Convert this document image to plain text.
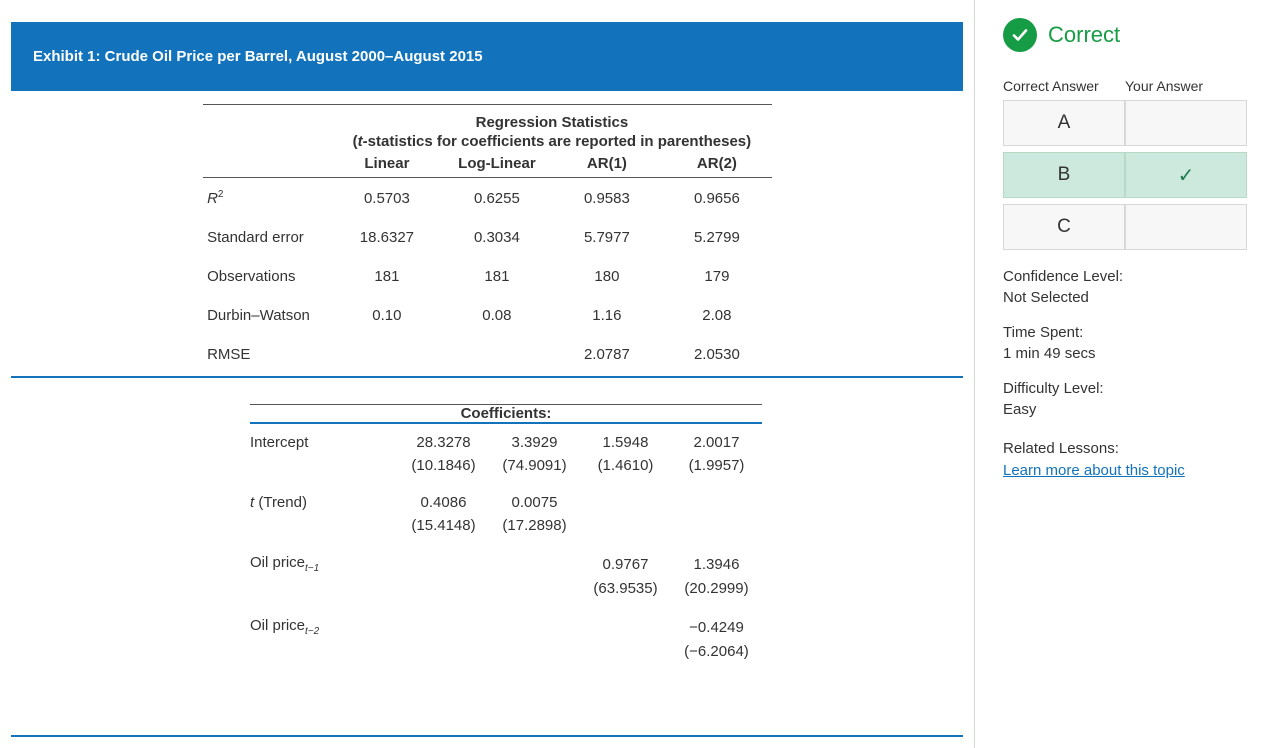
Exhibit 1: Crude Oil Price per Barrel, August 2000–August 2015

	Regression Statistics			
	(t-statistics for coefficients are reported in parentheses)			
	Linear	Log-Linear	AR(1)	AR(2)

$R^2$	0.5703	0.6255	0.9583	0.9656
Standard error	18.6327	0.3034	5.7977	5.2799
Observations	181	181	180	179
Durbin–Watson	0.10	0.08	1.16	2.08
RMSE			2.0787	2.0530

Coefficients:				

Intercept	28.3278	3.3929	1.5948	2.0017
	(10.1846)	(74.9091)	(1.4610)	(1.9957)
t (Trend)	0.4086	0.0075		
	(15.4148)	(17.2898)		
Oil price$_{t-1}$			0.9767	1.3946
			(63.9535)	(20.2999)
Oil price$_{t-2}$				−0.4249
				(−6.2064)
Correct
Correct Answer	Your Answer
A
B	✓
C
Confidence Level:
Not Selected
Time Spent:
1 min 49 secs
Difficulty Level:
Easy
Related Lessons:
Learn more about this topic
